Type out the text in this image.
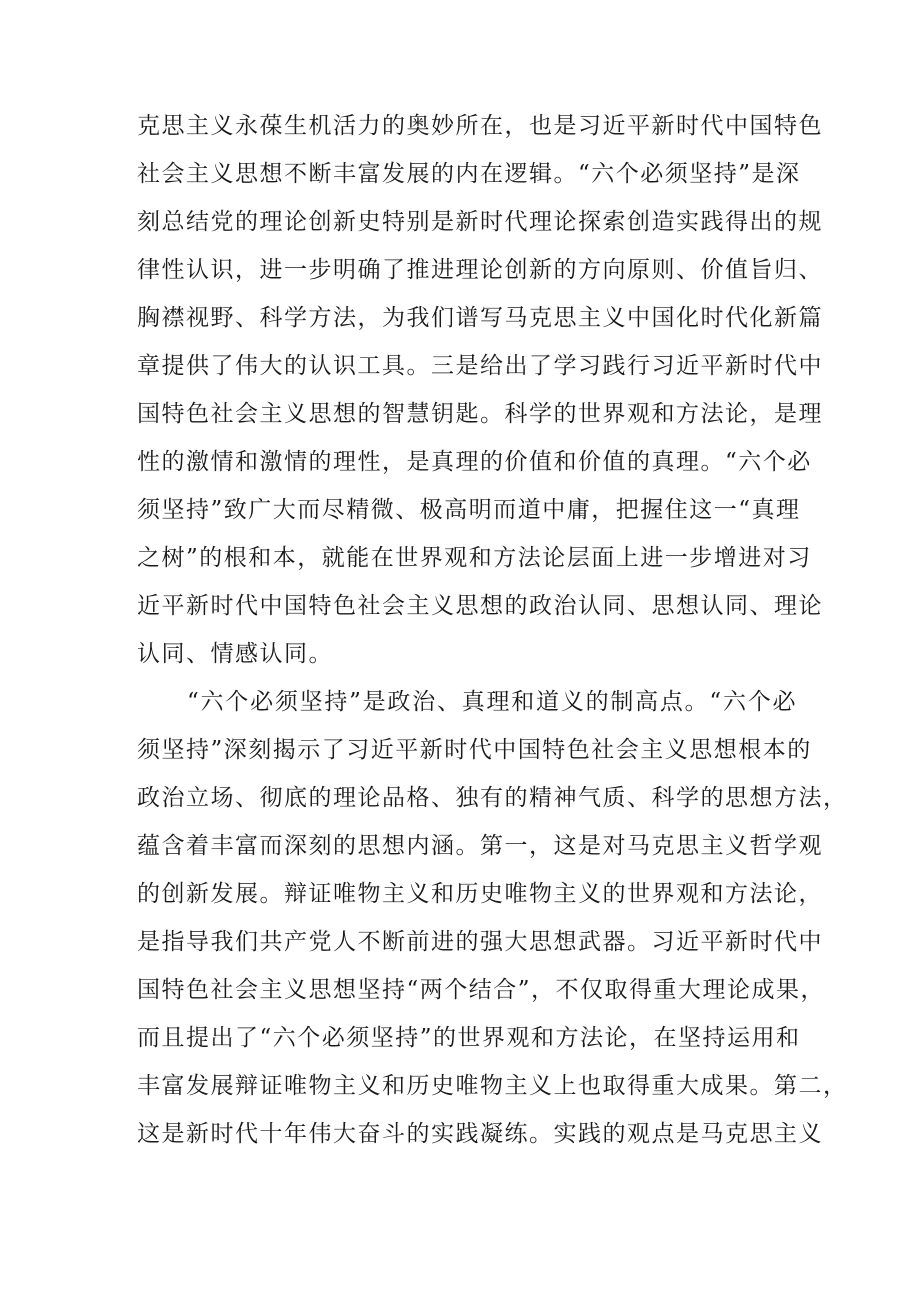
克思主义永葆生机活力的奥妙所在，也是习近平新时代中国特色
社会主义思想不断丰富发展的内在逻辑。“六个必须坚持”是深
刻总结党的理论创新史特别是新时代理论探索创造实践得出的规
律性认识，进一步明确了推进理论创新的方向原则、价值旨归、
胸襟视野、科学方法，为我们谱写马克思主义中国化时代化新篇
章提供了伟大的认识工具。三是给出了学习践行习近平新时代中
国特色社会主义思想的智慧钥匙。科学的世界观和方法论，是理
性的激情和激情的理性，是真理的价值和价值的真理。“六个必
须坚持”致广大而尽精微、极高明而道中庸，把握住这一“真理
之树”的根和本，就能在世界观和方法论层面上进一步增进对习
近平新时代中国特色社会主义思想的政治认同、思想认同、理论
认同、情感认同。
“六个必须坚持”是政治、真理和道义的制高点。“六个必
须坚持”深刻揭示了习近平新时代中国特色社会主义思想根本的
政治立场、彻底的理论品格、独有的精神气质、科学的思想方法，
蕴含着丰富而深刻的思想内涵。第一，这是对马克思主义哲学观
的创新发展。辩证唯物主义和历史唯物主义的世界观和方法论，
是指导我们共产党人不断前进的强大思想武器。习近平新时代中
国特色社会主义思想坚持“两个结合”，不仅取得重大理论成果，
而且提出了“六个必须坚持”的世界观和方法论，在坚持运用和
丰富发展辩证唯物主义和历史唯物主义上也取得重大成果。第二，
这是新时代十年伟大奋斗的实践凝练。实践的观点是马克思主义
